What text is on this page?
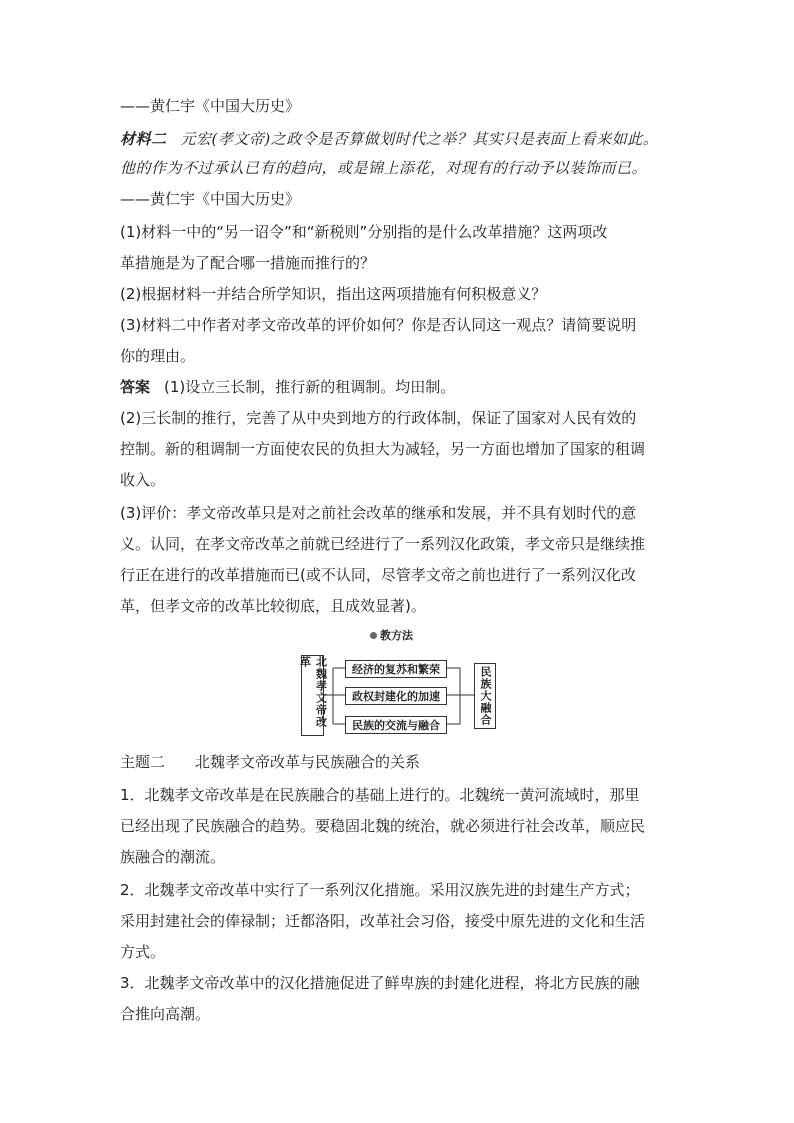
——黄仁宇《中国大历史》
材料二 元宏(孝文帝)之政令是否算做划时代之举？其实只是表面上看来如此。
他的作为不过承认已有的趋向，或是锦上添花，对现有的行动予以装饰而已。
——黄仁宇《中国大历史》
(1)材料一中的“另一诏令”和“新税则”分别指的是什么改革措施？这两项改
革措施是为了配合哪一措施而推行的？
(2)根据材料一并结合所学知识，指出这两项措施有何积极意义？
(3)材料二中作者对孝文帝改革的评价如何？你是否认同这一观点？请简要说明
你的理由。
答案 (1)设立三长制，推行新的租调制。均田制。
(2)三长制的推行，完善了从中央到地方的行政体制，保证了国家对人民有效的
控制。新的租调制一方面使农民的负担大为减轻，另一方面也增加了国家的租调
收入。
(3)评价：孝文帝改革只是对之前社会改革的继承和发展，并不具有划时代的意
义。认同，在孝文帝改革之前就已经进行了一系列汉化政策，孝文帝只是继续推
行正在进行的改革措施而已(或不认同，尽管孝文帝之前也进行了一系列汉化改
革，但孝文帝的改革比较彻底，且成效显著)。
教方法
北魏孝文帝改革
经济的复苏和繁荣
政权封建化的加速
民族的交流与融合	民族大融合
主题二 北魏孝文帝改革与民族融合的关系
1．北魏孝文帝改革是在民族融合的基础上进行的。北魏统一黄河流域时，那里
已经出现了民族融合的趋势。要稳固北魏的统治，就必须进行社会改革，顺应民
族融合的潮流。
2．北魏孝文帝改革中实行了一系列汉化措施。采用汉族先进的封建生产方式；
采用封建社会的俸禄制；迁都洛阳，改革社会习俗，接受中原先进的文化和生活
方式。
3．北魏孝文帝改革中的汉化措施促进了鲜卑族的封建化进程，将北方民族的融
合推向高潮。
